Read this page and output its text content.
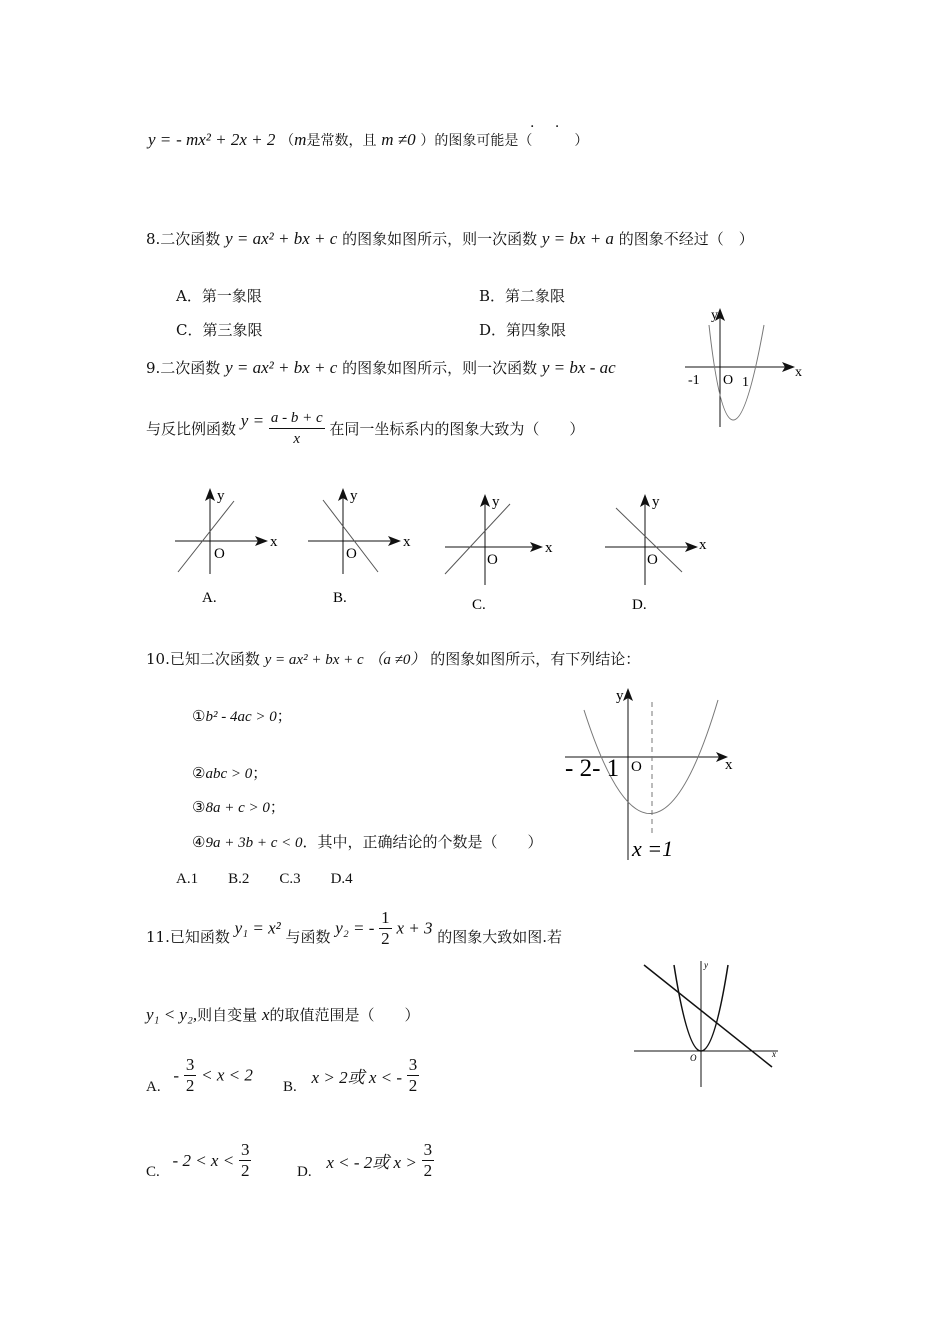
y = - mx² + 2x + 2 （m是常数，且 m ≠0 ）的图象可能是（　　　）
· ·
8.二次函数 y = ax² + bx + c 的图象如图所示，则一次函数 y = bx + a 的图象不经过（　）
A．第一象限	B．第二象限
C．第三象限	D．第四象限
y
x
-1 O 1
9.二次函数 y = ax² + bx + c 的图象如图所示，则一次函数 y = bx - ac
与反比例函数 $y = \frac{a - b + c}{x}$ 在同一坐标系内的图象大致为（　　）
y
x
O
A.
y
x
O
B.
y
x
O
C.
y
x
O
D.
10.已知二次函数 y = ax² + bx + c （a ≠0） 的图象如图所示，有下列结论：
①b² - 4ac > 0；
②abc > 0；
③8a + c > 0；
④9a + 3b + c < 0．其中，正确结论的个数是（　　）
A.1　　B.2　　C.3　　D.4
y
x
- 2- 1 O
x =1
11.已知函数 y₁ = x² 与函数 y₂ = - $\frac{1}{2}$ x + 3 的图象大致如图.若
y₁ < y₂,则自变量 x的取值范围是（　　）
A. - $\frac{3}{2} < x < 2$
B. x > 2或 x < - $\frac{3}{2}$
C. - $2 < x < \frac{3}{2}$	D. x < - 2或 $x > \frac{3}{2}$
y
x
O
